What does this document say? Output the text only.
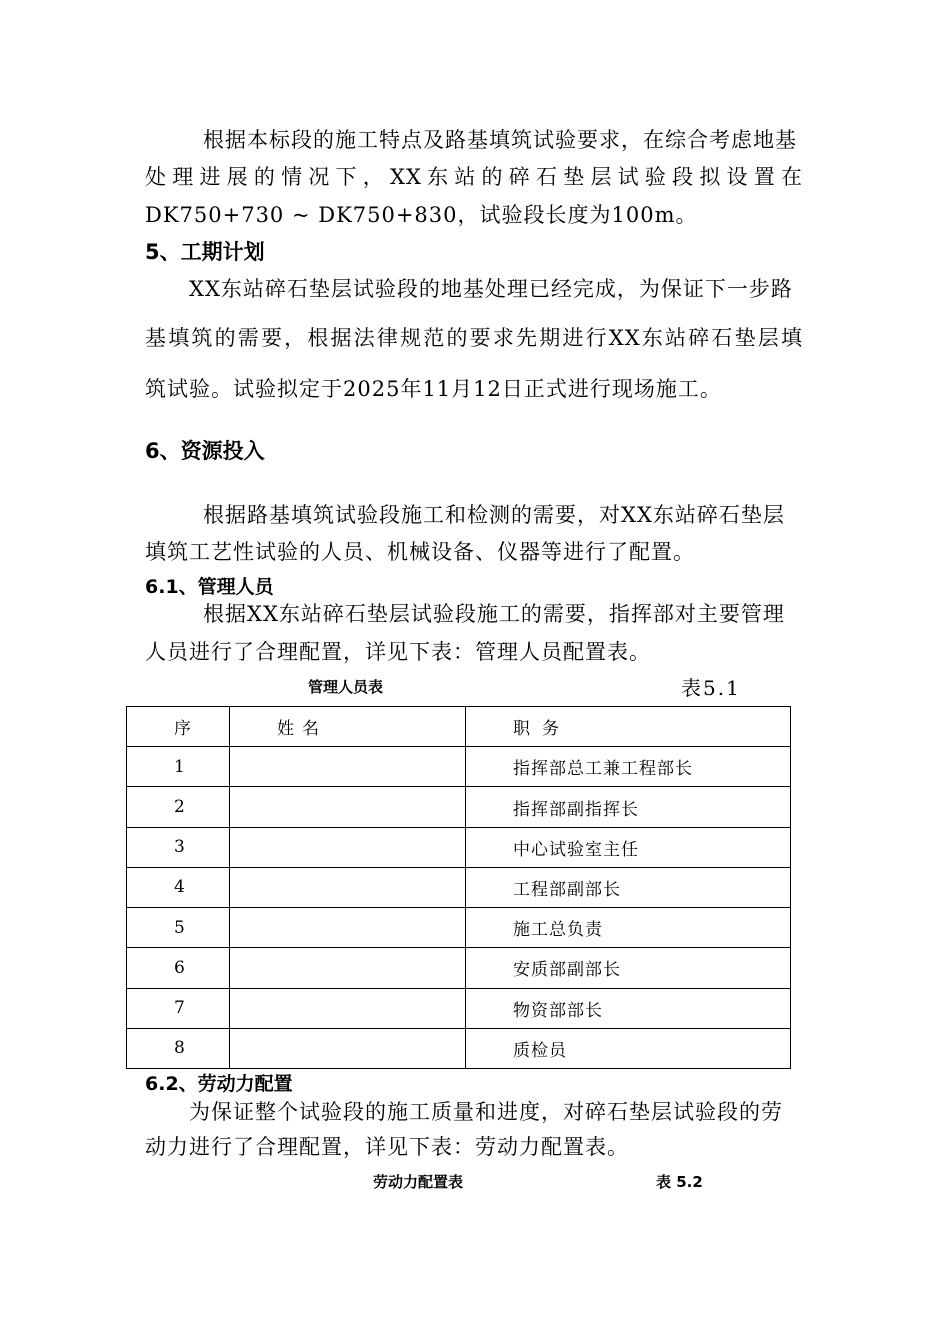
根据本标段的施工特点及路基填筑试验要求，在综合考虑地基
处理进展的情况下，XX东站的碎石垫层试验段拟设置在
DK750+730 ~ DK750+830，试验段长度为100m。
5、工期计划
XX东站碎石垫层试验段的地基处理已经完成，为保证下一步路
基填筑的需要，根据法律规范的要求先期进行XX东站碎石垫层填
筑试验。试验拟定于2025年11月12日正式进行现场施工。
6、资源投入
根据路基填筑试验段施工和检测的需要，对XX东站碎石垫层
填筑工艺性试验的人员、机械设备、仪器等进行了配置。
6.1、管理人员
根据XX东站碎石垫层试验段施工的需要，指挥部对主要管理
人员进行了合理配置，详见下表：管理人员配置表。
管理人员表	表5.1
序	姓名	职务
1		指挥部总工兼工程部长
2		指挥部副指挥长
3		中心试验室主任
4		工程部副部长
5		施工总负责
6		安质部副部长
7		物资部部长
8		质检员
6.2、劳动力配置
为保证整个试验段的施工质量和进度，对碎石垫层试验段的劳
动力进行了合理配置，详见下表：劳动力配置表。
劳动力配置表	表 5.2
